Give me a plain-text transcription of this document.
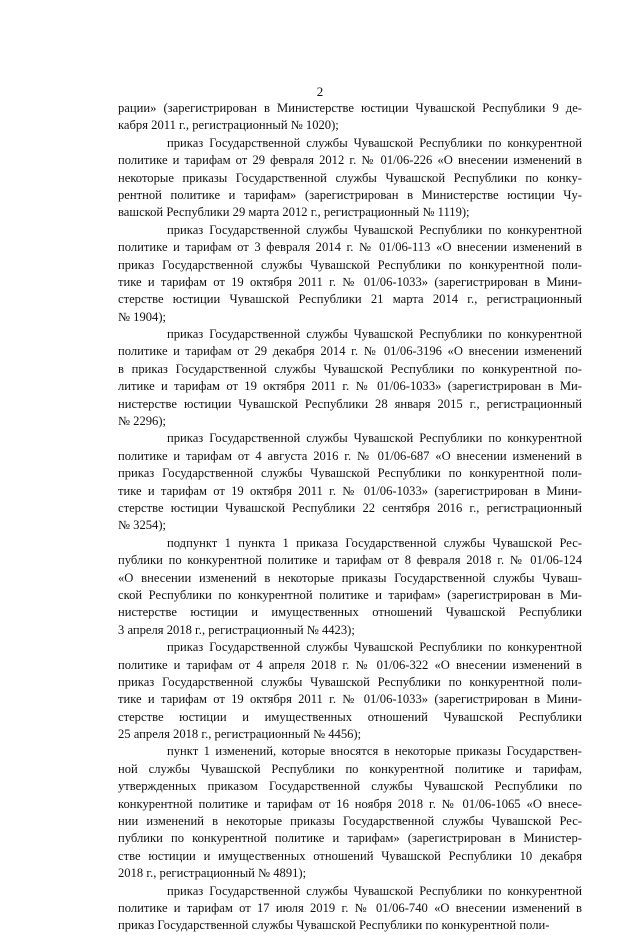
2
рации» (зарегистрирован в Министерстве юстиции Чувашской Республики 9 де-
кабря 2011 г., регистрационный № 1020);
приказ Государственной службы Чувашской Республики по конкурентной
политике и тарифам от 29 февраля 2012 г. № 01/06-226 «О внесении изменений в
некоторые приказы Государственной службы Чувашской Республики по конку-
рентной политике и тарифам» (зарегистрирован в Министерстве юстиции Чу-
вашской Республики 29 марта 2012 г., регистрационный № 1119);
приказ Государственной службы Чувашской Республики по конкурентной
политике и тарифам от 3 февраля 2014 г. № 01/06-113 «О внесении изменений в
приказ Государственной службы Чувашской Республики по конкурентной поли-
тике и тарифам от 19 октября 2011 г. № 01/06-1033» (зарегистрирован в Мини-
стерстве юстиции Чувашской Республики 21 марта 2014 г., регистрационный
№ 1904);
приказ Государственной службы Чувашской Республики по конкурентной
политике и тарифам от 29 декабря 2014 г. № 01/06-3196 «О внесении изменений
в приказ Государственной службы Чувашской Республики по конкурентной по-
литике и тарифам от 19 октября 2011 г. № 01/06-1033» (зарегистрирован в Ми-
нистерстве юстиции Чувашской Республики 28 января 2015 г., регистрационный
№ 2296);
приказ Государственной службы Чувашской Республики по конкурентной
политике и тарифам от 4 августа 2016 г. № 01/06-687 «О внесении изменений в
приказ Государственной службы Чувашской Республики по конкурентной поли-
тике и тарифам от 19 октября 2011 г. № 01/06-1033» (зарегистрирован в Мини-
стерстве юстиции Чувашской Республики 22 сентября 2016 г., регистрационный
№ 3254);
подпункт 1 пункта 1 приказа Государственной службы Чувашской Рес-
публики по конкурентной политике и тарифам от 8 февраля 2018 г. № 01/06-124
«О внесении изменений в некоторые приказы Государственной службы Чуваш-
ской Республики по конкурентной политике и тарифам» (зарегистрирован в Ми-
нистерстве юстиции и имущественных отношений Чувашской Республики
3 апреля 2018 г., регистрационный № 4423);
приказ Государственной службы Чувашской Республики по конкурентной
политике и тарифам от 4 апреля 2018 г. № 01/06-322 «О внесении изменений в
приказ Государственной службы Чувашской Республики по конкурентной поли-
тике и тарифам от 19 октября 2011 г. № 01/06-1033» (зарегистрирован в Мини-
стерстве юстиции и имущественных отношений Чувашской Республики
25 апреля 2018 г., регистрационный № 4456);
пункт 1 изменений, которые вносятся в некоторые приказы Государствен-
ной службы Чувашской Республики по конкурентной политике и тарифам,
утвержденных приказом Государственной службы Чувашской Республики по
конкурентной политике и тарифам от 16 ноября 2018 г. № 01/06-1065 «О внесе-
нии изменений в некоторые приказы Государственной службы Чувашской Рес-
публики по конкурентной политике и тарифам» (зарегистрирован в Министер-
стве юстиции и имущественных отношений Чувашской Республики 10 декабря
2018 г., регистрационный № 4891);
приказ Государственной службы Чувашской Республики по конкурентной
политике и тарифам от 17 июля 2019 г. № 01/06-740 «О внесении изменений в
приказ Государственной службы Чувашской Республики по конкурентной поли-
